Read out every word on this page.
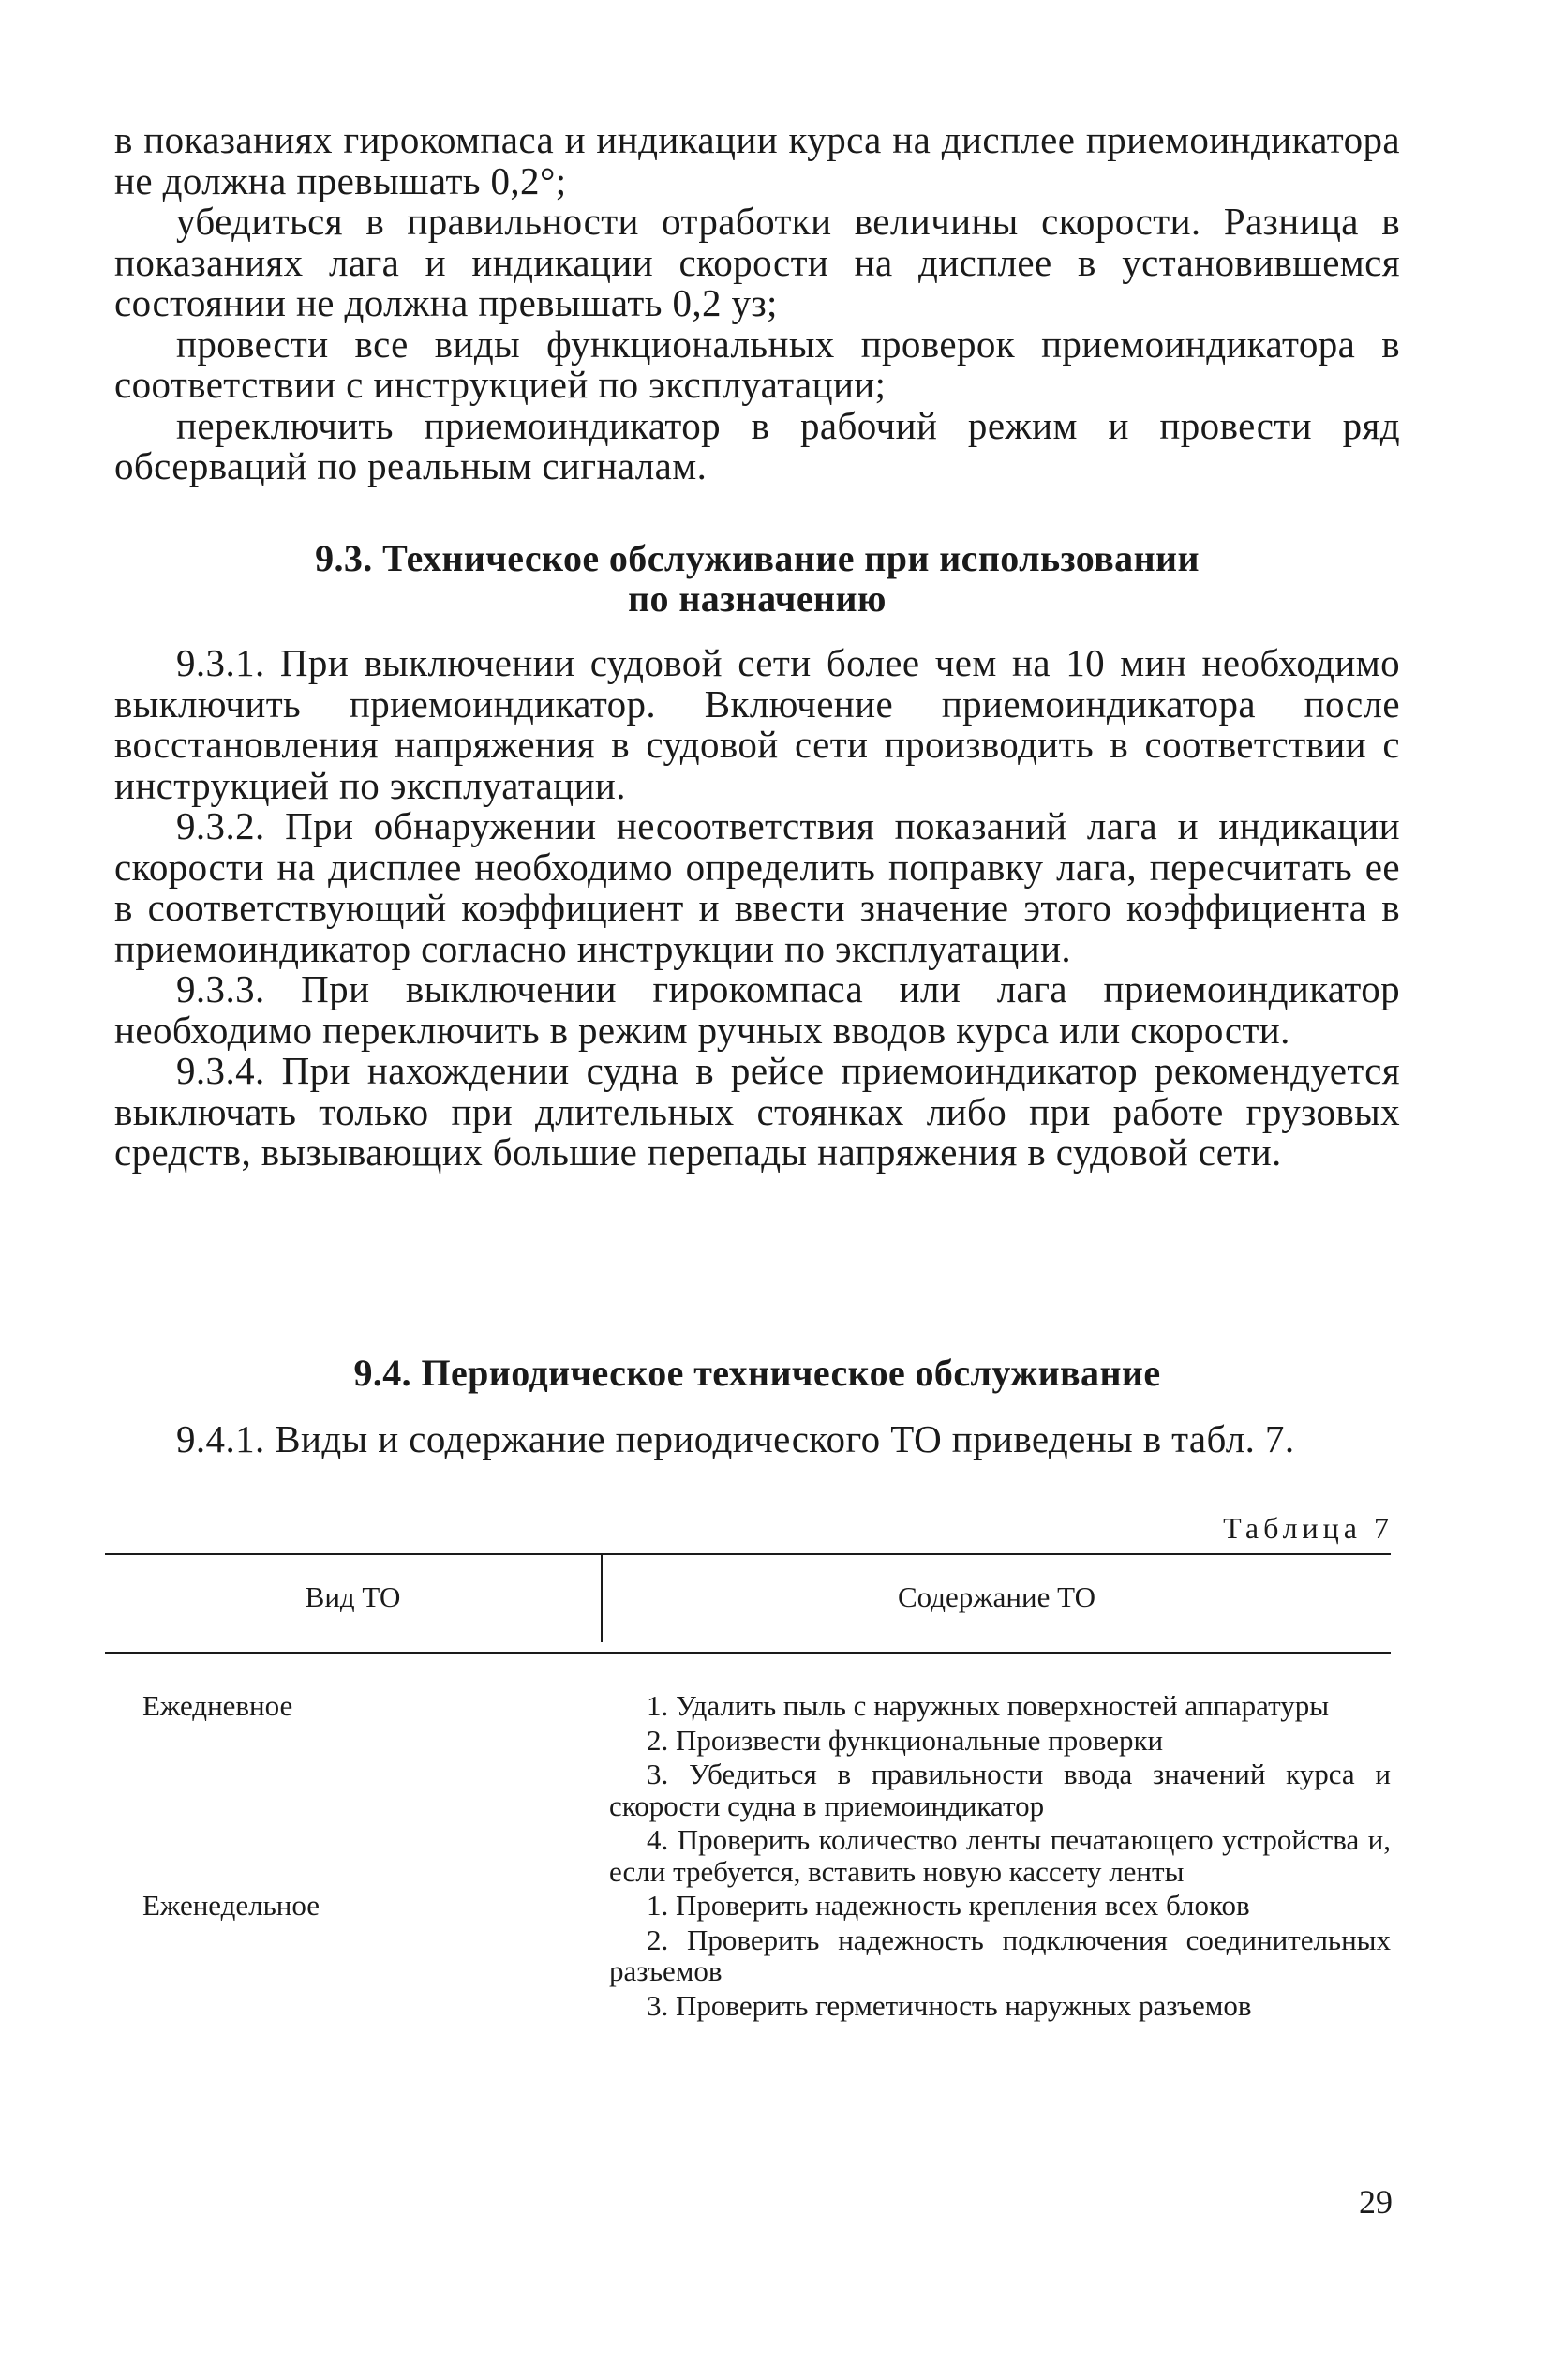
в показаниях гирокомпаса и индикации курса на дисплее приемоиндикатора не должна превышать 0,2°;

убедиться в правильности отработки величины скорости. Разница в показаниях лага и индикации скорости на дисплее в установившемся состоянии не должна превышать 0,2 уз;

провести все виды функциональных проверок приемоиндикатора в соответствии с инструкцией по эксплуатации;

переключить приемоиндикатор в рабочий режим и провести ряд обсерваций по реальным сигналам.

9.3. Техническое обслуживание при использовании
по назначению

9.3.1. При выключении судовой сети более чем на 10 мин необходимо выключить приемоиндикатор. Включение приемоиндикатора после восстановления напряжения в судовой сети производить в соответствии с инструкцией по эксплуатации.

9.3.2. При обнаружении несоответствия показаний лага и индикации скорости на дисплее необходимо определить поправку лага, пересчитать ее в соответствующий коэффициент и ввести значение этого коэффициента в приемоиндикатор согласно инструкции по эксплуатации.

9.3.3. При выключении гирокомпаса или лага приемоиндикатор необходимо переключить в режим ручных вводов курса или скорости.

9.3.4. При нахождении судна в рейсе приемоиндикатор рекомендуется выключать только при длительных стоянках либо при работе грузовых средств, вызывающих большие перепады напряжения в судовой сети.

9.4. Периодическое техническое обслуживание

9.4.1. Виды и содержание периодического ТО приведены в табл. 7.

Таблица 7
Вид ТО	Содержание ТО
Ежедневное	1. Удалить пыль с наружных поверхностей аппаратуры

2. Произвести функциональные проверки

3. Убедиться в правильности ввода значений курса и скорости судна в приемоиндикатор

4. Проверить количество ленты печатающего устройства и, если требуется, вставить новую кассету ленты

Еженедельное	1. Проверить надежность крепления всех блоков

2. Проверить надежность подключения соединительных разъемов

3. Проверить герметичность наружных разъемов

29
